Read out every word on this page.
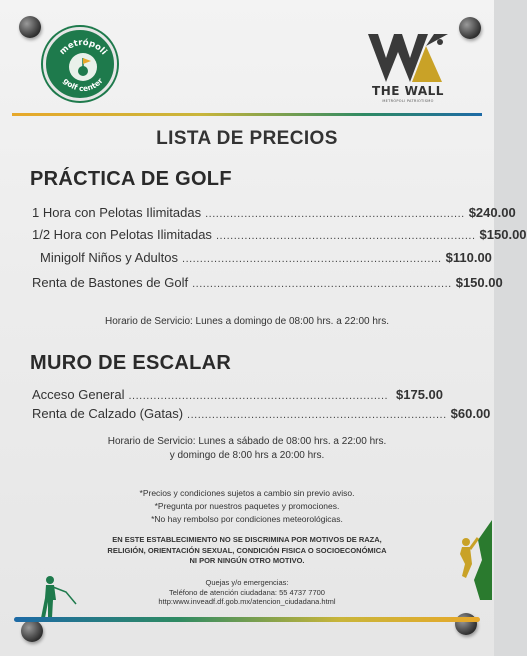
metrópoli
golf center
THE WALL
METRÓPOLI PATRIOTISMO
LISTA DE PRECIOS
PRÁCTICA DE GOLF
1 Hora con Pelotas Ilimitadas ......................................................................... $240.00
1/2 Hora con Pelotas Ilimitadas ......................................................................... $150.00
Minigolf Niños y Adultos ......................................................................... $110.00
Renta de Bastones de Golf ......................................................................... $150.00
Horario de Servicio: Lunes a domingo de 08:00 hrs. a 22:00 hrs.
MURO DE ESCALAR
Acceso General ......................................................................... $175.00
Renta de Calzado (Gatas) ......................................................................... $60.00
Horario de Servicio: Lunes a sábado de 08:00 hrs. a 22:00 hrs.
y domingo de 8:00 hrs a 20:00 hrs.
*Precios y condiciones sujetos a cambio sin previo aviso.
*Pregunta por nuestros paquetes y promociones.
*No hay rembolso por condiciones meteorológicas.
EN ESTE ESTABLECIMIENTO NO SE DISCRIMINA POR MOTIVOS DE RAZA,
RELIGIÓN, ORIENTACIÓN SEXUAL, CONDICIÓN FISICA O SOCIOECONÓMICA
NI POR NINGÚN OTRO MOTIVO.
Quejas y/o emergencias:
Teléfono de atención ciudadana: 55 4737 7700
http:www.inveadf.df.gob.mx/atencion_ciudadana.html
